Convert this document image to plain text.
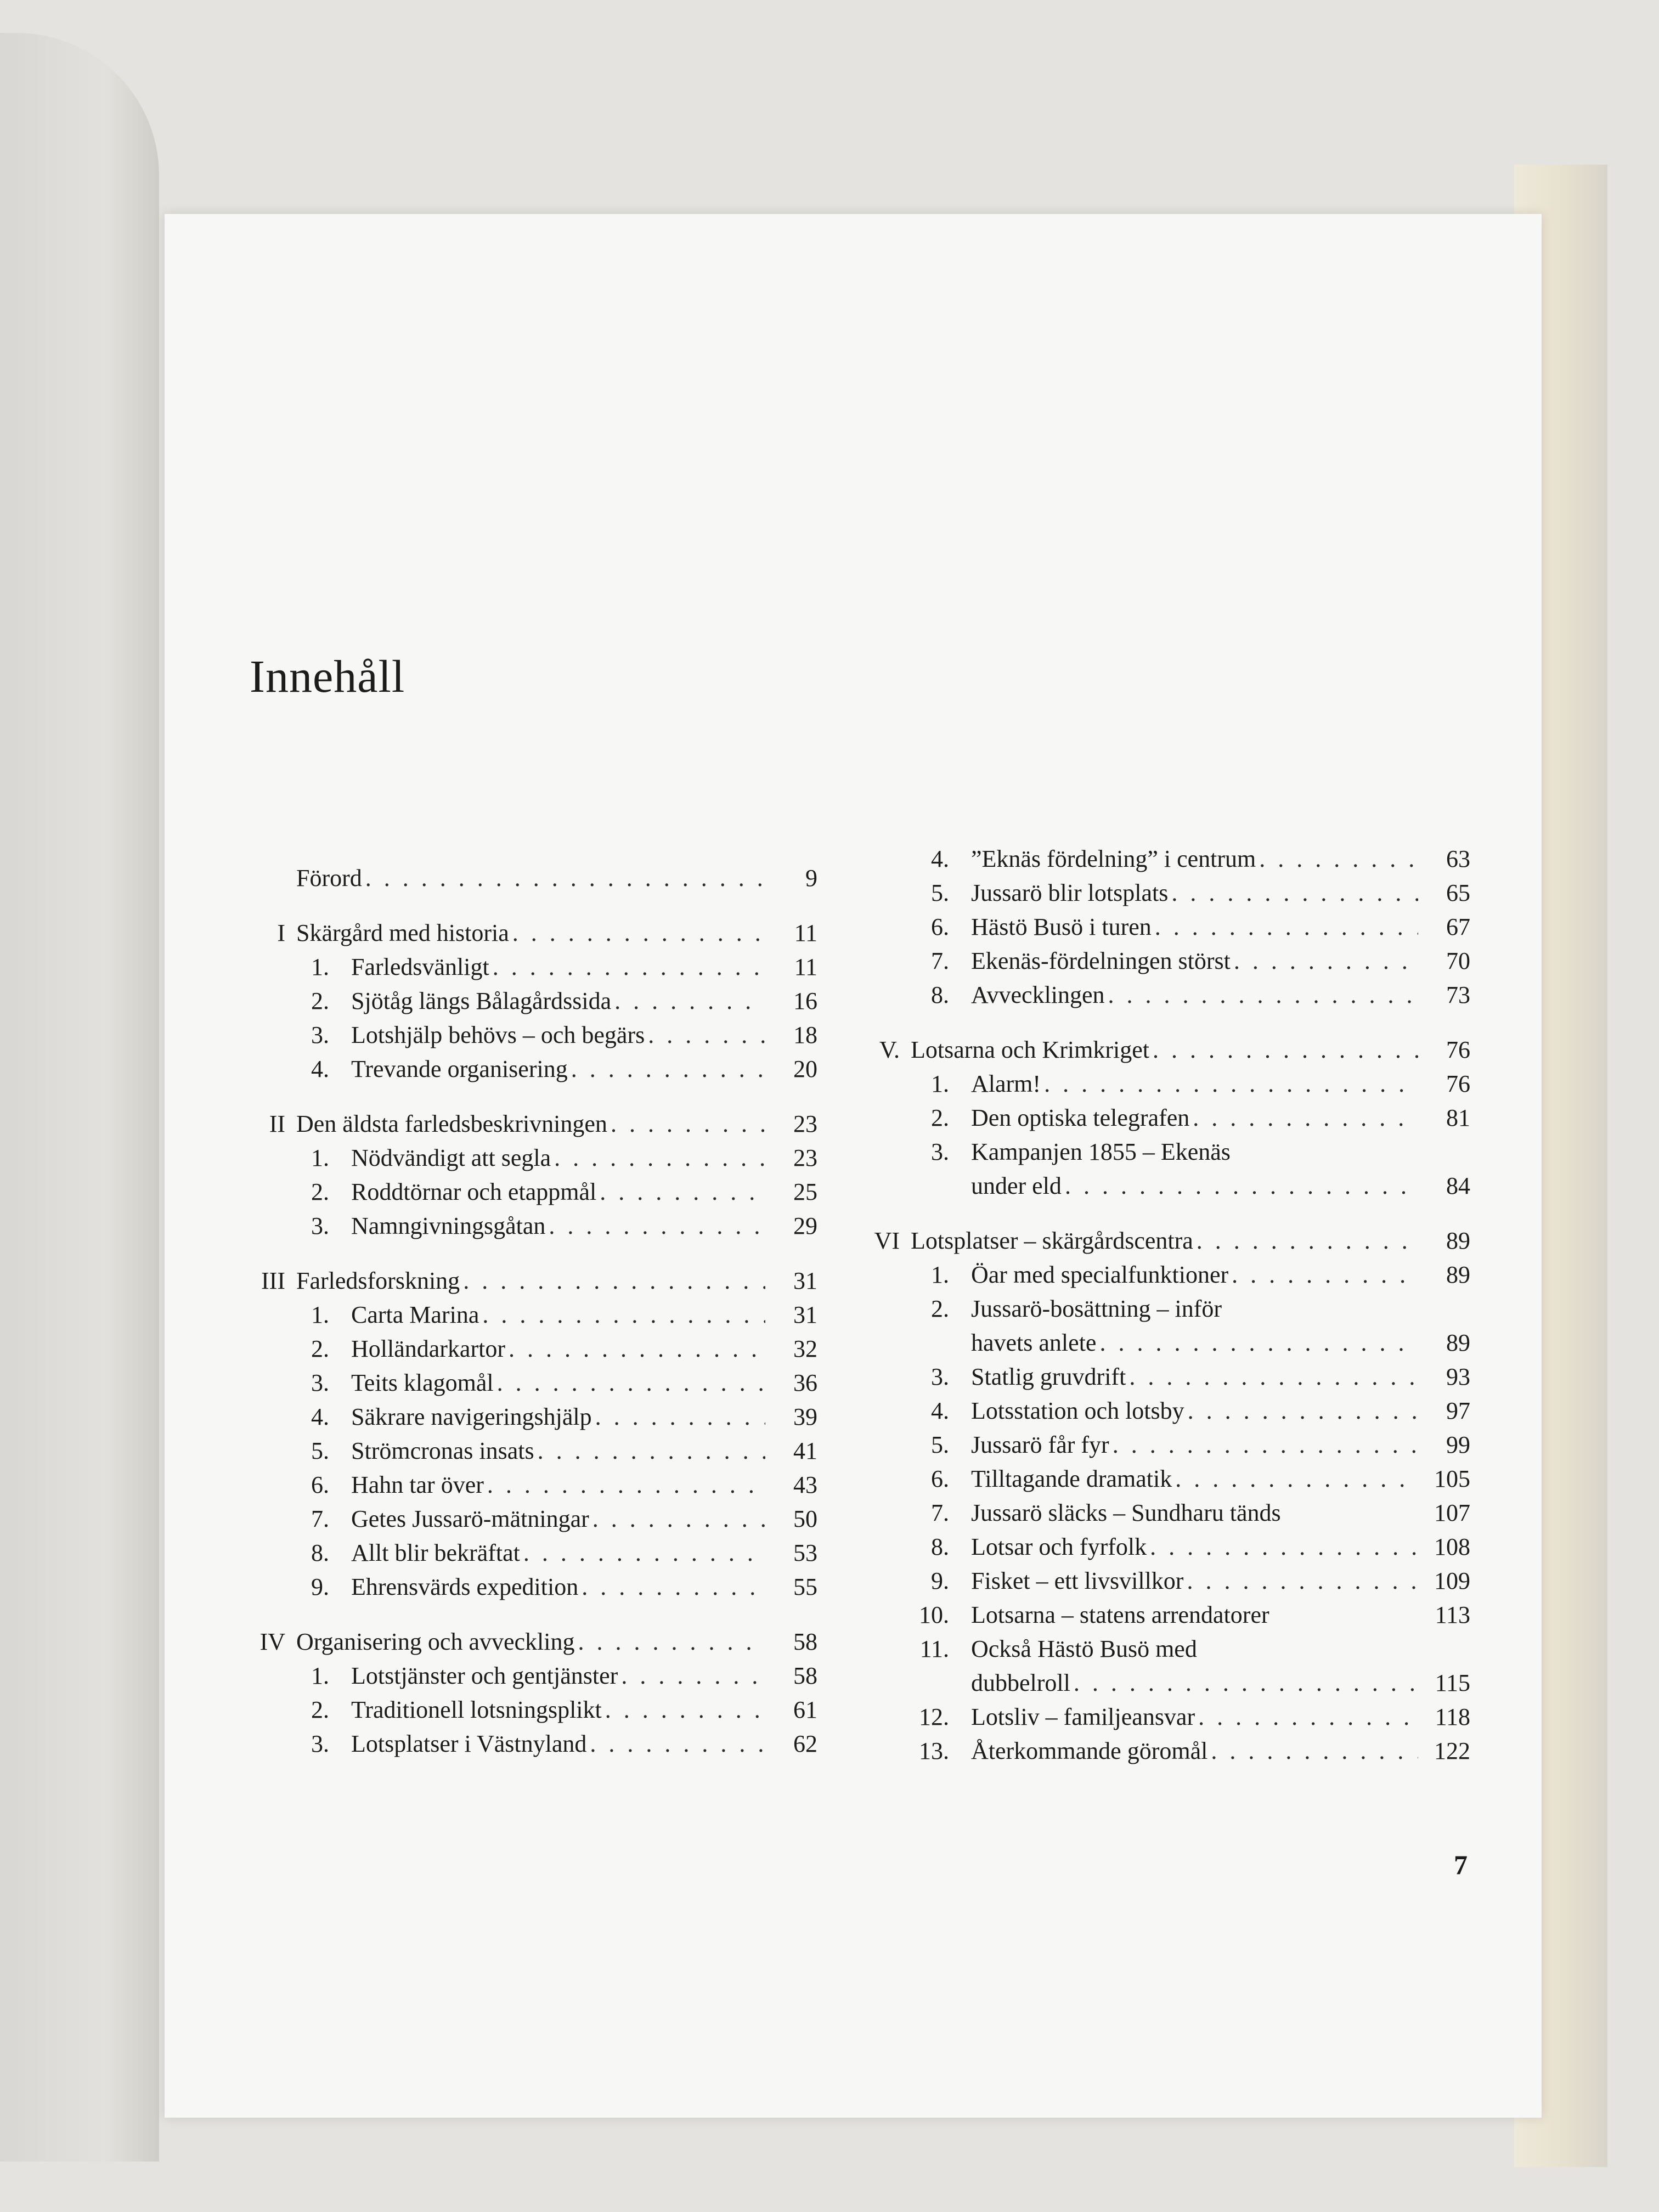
Innehåll
Förord . . .	9
I Skärgård med historia . . .	11
1. Farledsvänligt . . .	11
2. Sjötåg längs Bålagårdssida . . .	16
3. Lotshjälp behövs – och begärs . . .	18
4. Trevande organisering . . .	20
II Den äldsta farledsbeskrivningen . . .	23
1. Nödvändigt att segla . . .	23
2. Roddtörnar och etappmål . . .	25
3. Namngivningsgåtan . . .	29
III Farledsforskning . . .	31
1. Carta Marina . . .	31
2. Holländarkartor . . .	32
3. Teits klagomål . . .	36
4. Säkrare navigeringshjälp . . .	39
5. Strömcronas insats . . .	41
6. Hahn tar över . . .	43
7. Getes Jussarö-mätningar . . .	50
8. Allt blir bekräftat . . .	53
9. Ehrensvärds expedition . . .	55
IV Organisering och avveckling . . .	58
1. Lotstjänster och gentjänster . . .	58
2. Traditionell lotsningsplikt . . .	61
3. Lotsplatser i Västnyland . . .	62
4. ”Eknäs fördelning” i centrum . . .	63
5. Jussarö blir lotsplats . . .	65
6. Hästö Busö i turen . . .	67
7. Ekenäs-fördelningen störst . . .	70
8. Avvecklingen . . .	73
V. Lotsarna och Krimkriget . . .	76
1. Alarm! . . .	76
2. Den optiska telegrafen . . .	81
3. Kampanjen 1855 – Ekenäs
under eld . . .	84
VI Lotsplatser – skärgårdscentra . . .	89
1. Öar med specialfunktioner . . .	89
2. Jussarö-bosättning – inför
havets anlete . . .	89
3. Statlig gruvdrift . . .	93
4. Lotsstation och lotsby . . .	97
5. Jussarö får fyr . . .	99
6. Tilltagande dramatik . . .	105
7. Jussarö släcks – Sundharu tänds	107
8. Lotsar och fyrfolk . . .	108
9. Fisket – ett livsvillkor . . .	109
10. Lotsarna – statens arrendatorer	113
11. Också Hästö Busö med
dubbelroll . . .	115
12. Lotsliv – familjeansvar . . .	118
13. Återkommande göromål . . .	122
7
